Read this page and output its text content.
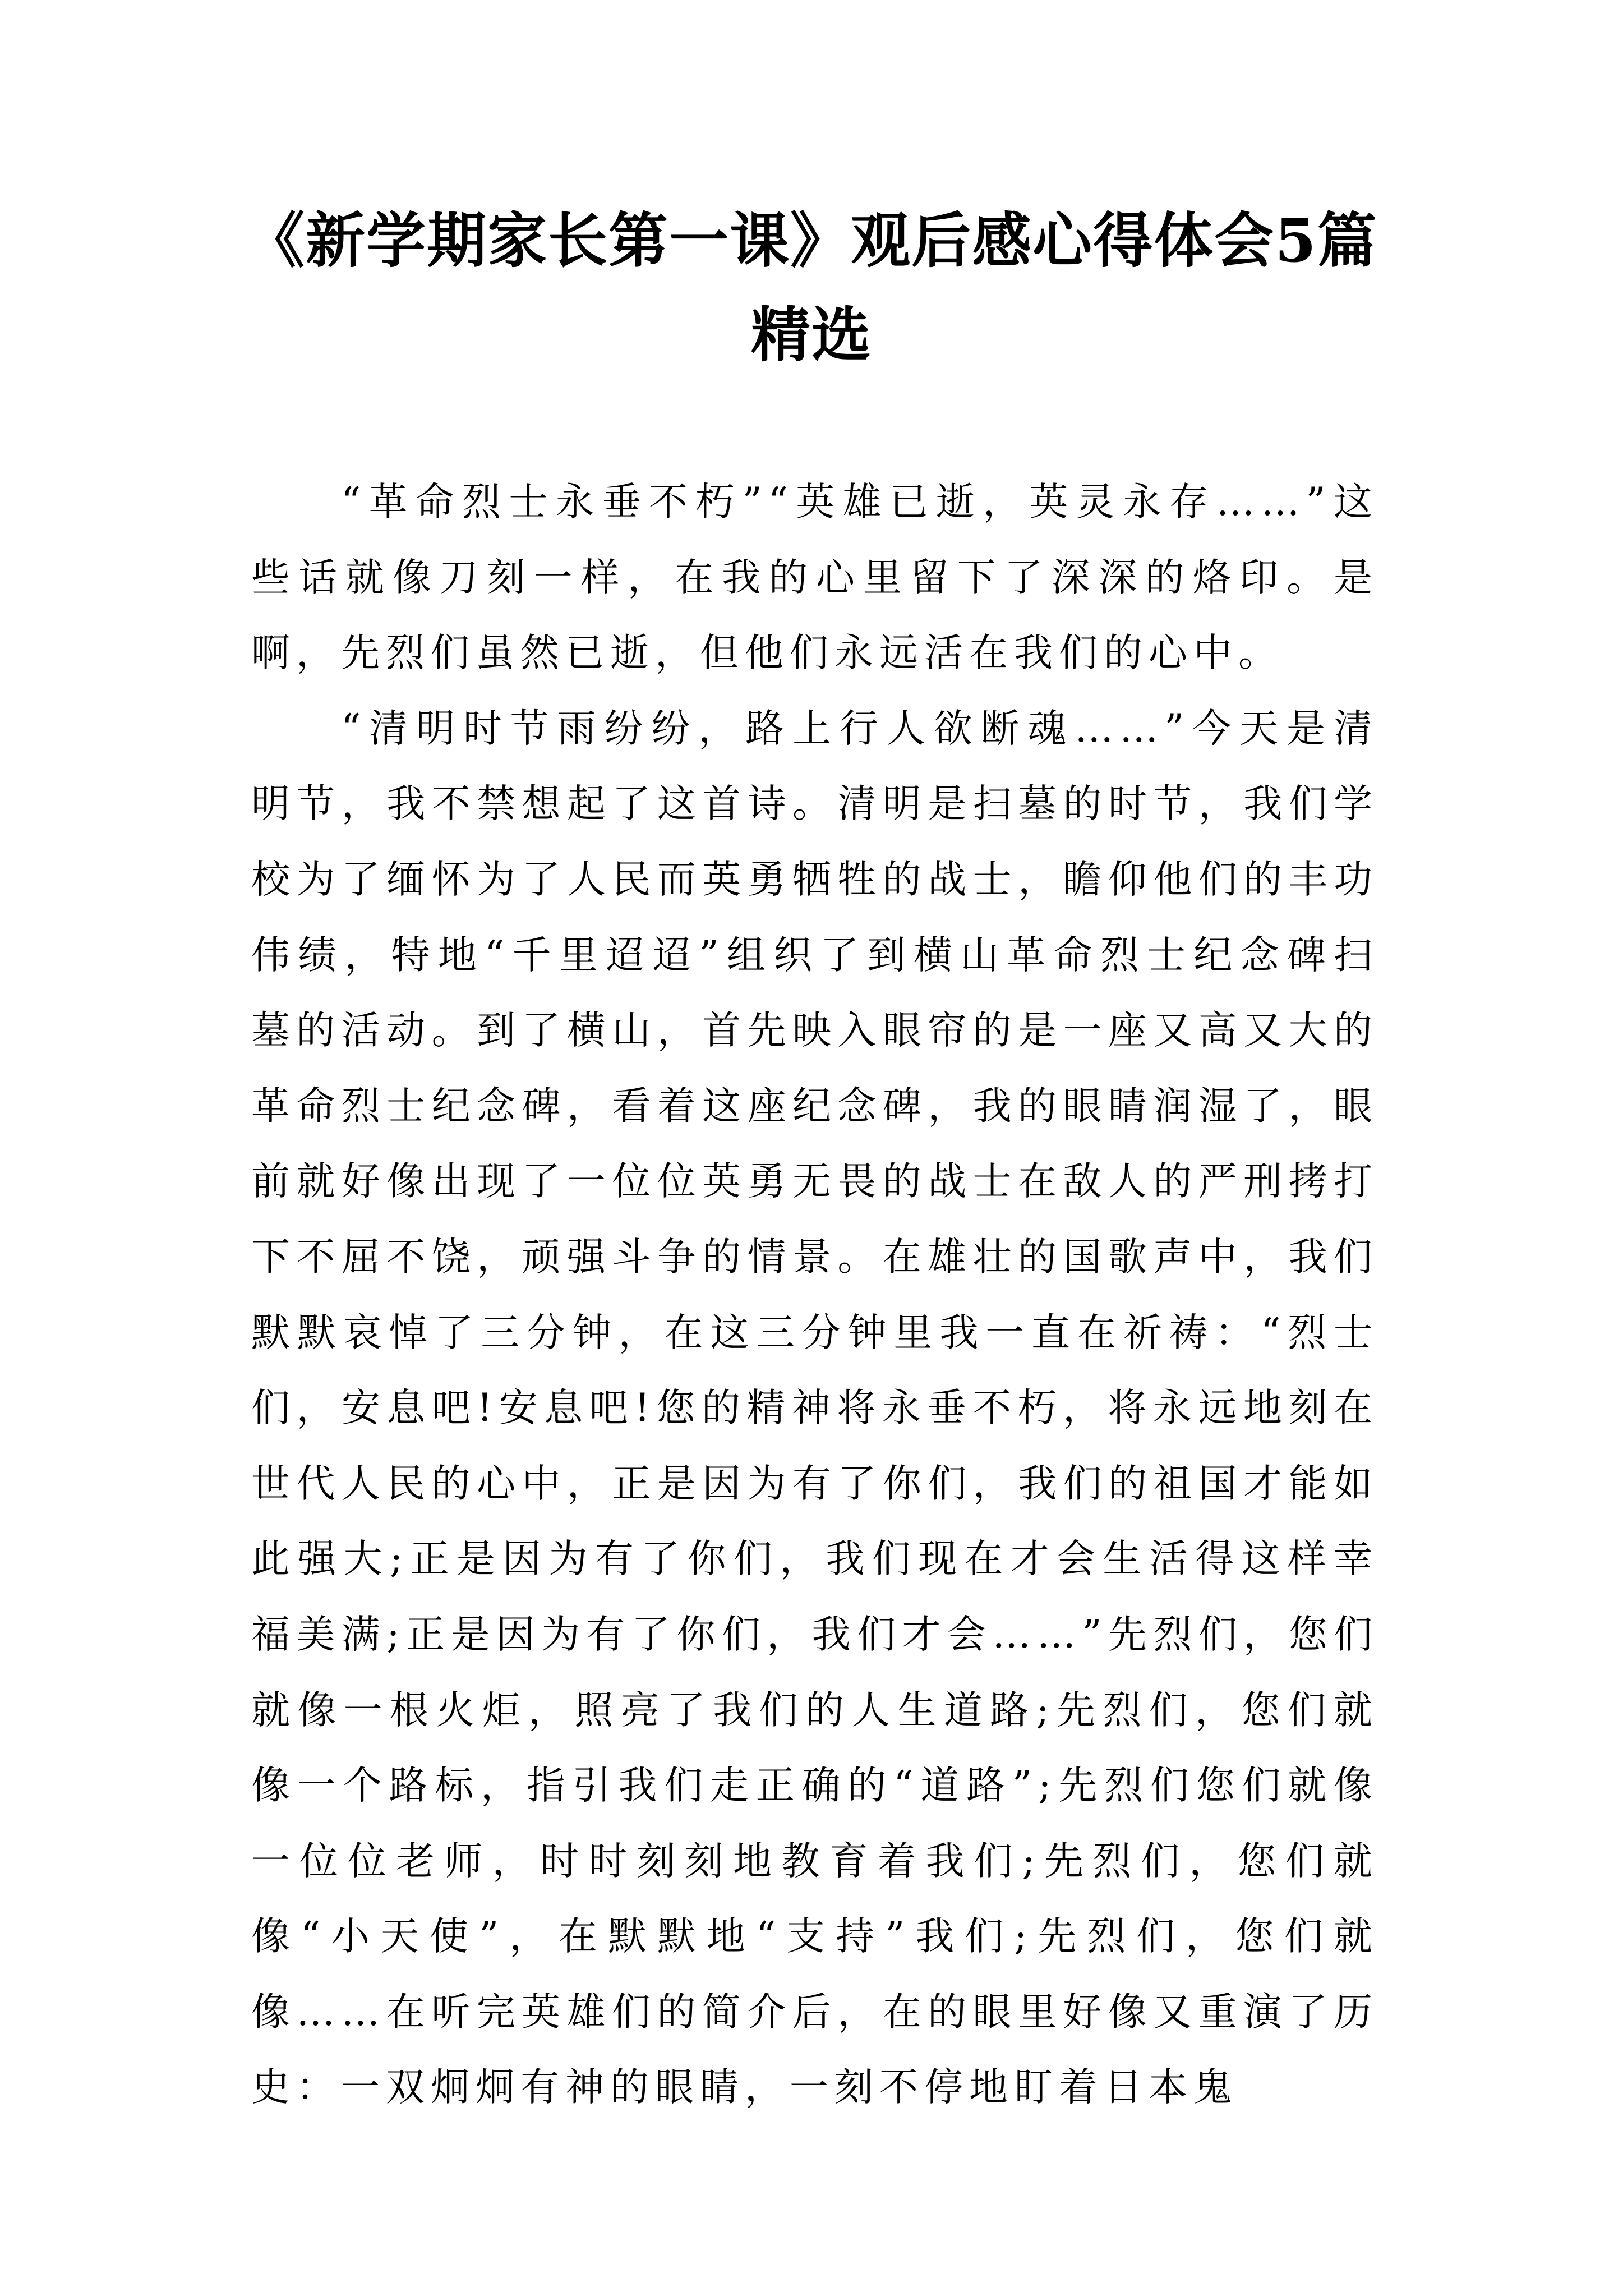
《新学期家长第一课》观后感心得体会5篇
精选

“革命烈士永垂不朽”“英雄已逝，英灵永存……”这些话就像刀刻一样，在我的心里留下了深深的烙印。是啊，先烈们虽然已逝，但他们永远活在我们的心中。

“清明时节雨纷纷，路上行人欲断魂……”今天是清明节，我不禁想起了这首诗。清明是扫墓的时节，我们学校为了缅怀为了人民而英勇牺牲的战士，瞻仰他们的丰功伟绩，特地“千里迢迢”组织了到横山革命烈士纪念碑扫墓的活动。到了横山，首先映入眼帘的是一座又高又大的革命烈士纪念碑，看着这座纪念碑，我的眼睛润湿了，眼前就好像出现了一位位英勇无畏的战士在敌人的严刑拷打下不屈不饶，顽强斗争的情景。在雄壮的国歌声中，我们默默哀悼了三分钟，在这三分钟里我一直在祈祷：“烈士们，安息吧!安息吧!您的精神将永垂不朽，将永远地刻在世代人民的心中，正是因为有了你们，我们的祖国才能如此强大;正是因为有了你们，我们现在才会生活得这样幸福美满;正是因为有了你们，我们才会……”先烈们，您们就像一根火炬，照亮了我们的人生道路;先烈们，您们就像一个路标，指引我们走正确的“道路”;先烈们您们就像一位位老师，时时刻刻地教育着我们;先烈们，您们就像“小天使”，在默默地“支持”我们;先烈们，您们就像……在听完英雄们的简介后，在的眼里好像又重演了历史：一双炯炯有神的眼睛，一刻不停地盯着日本鬼
